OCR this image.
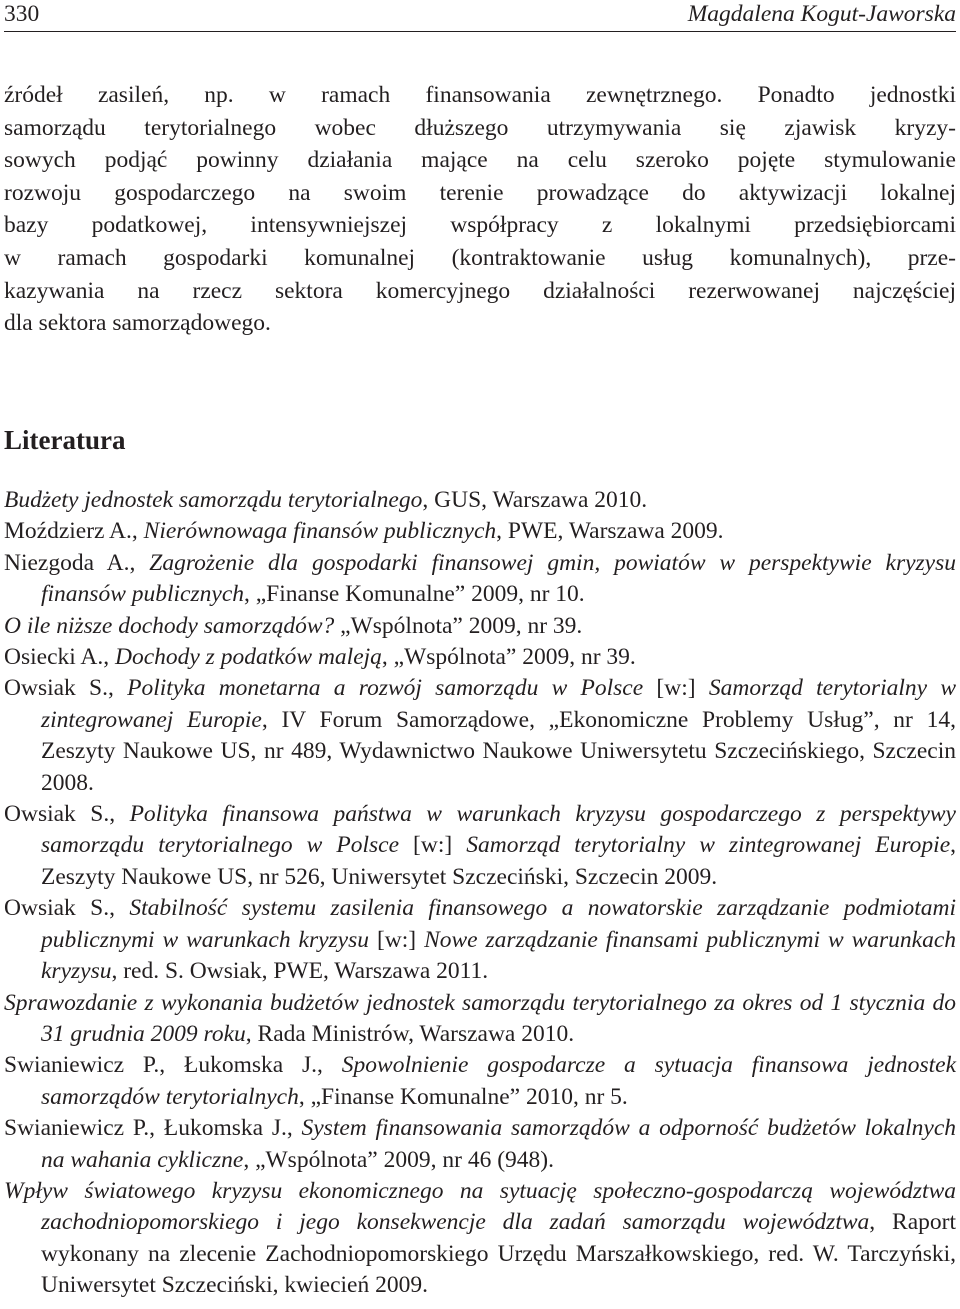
330	Magdalena Kogut-Jaworska

źródeł zasileń, np. w ramach finansowania zewnętrznego. Ponadto jednostki
samorządu terytorialnego wobec dłuższego utrzymywania się zjawisk kryzy-
sowych podjąć powinny działania mające na celu szeroko pojęte stymulowanie
rozwoju gospodarczego na swoim terenie prowadzące do aktywizacji lokalnej
bazy podatkowej, intensywniejszej współpracy z lokalnymi przedsiębiorcami
w ramach gospodarki komunalnej (kontraktowanie usług komunalnych), prze-
kazywania na rzecz sektora komercyjnego działalności rezerwowanej najczęściej
dla sektora samorządowego.

Literatura
Budżety jednostek samorządu terytorialnego, GUS, Warszawa 2010.
Moździerz A., Nierównowaga finansów publicznych, PWE, Warszawa 2009.
Niezgoda A., Zagrożenie dla gospodarki finansowej gmin, powiatów w perspektywie kryzysu finansów publicznych, „Finanse Komunalne” 2009, nr 10.
O ile niższe dochody samorządów? „Wspólnota” 2009, nr 39.
Osiecki A., Dochody z podatków maleją, „Wspólnota” 2009, nr 39.
Owsiak S., Polityka monetarna a rozwój samorządu w Polsce [w:] Samorząd terytorialny w zintegrowanej Europie, IV Forum Samorządowe, „Ekonomiczne Problemy Usług”, nr 14, Zeszyty Naukowe US, nr 489, Wydawnictwo Naukowe Uniwersytetu Szczecińskiego, Szczecin 2008.
Owsiak S., Polityka finansowa państwa w warunkach kryzysu gospodarczego z perspektywy samorządu terytorialnego w Polsce [w:] Samorząd terytorialny w zintegrowanej Europie, Zeszyty Naukowe US, nr 526, Uniwersytet Szczeciński, Szczecin 2009.
Owsiak S., Stabilność systemu zasilenia finansowego a nowatorskie zarządzanie podmiotami publicznymi w warunkach kryzysu [w:] Nowe zarządzanie finansami publicznymi w warunkach kryzysu, red. S. Owsiak, PWE, Warszawa 2011.
Sprawozdanie z wykonania budżetów jednostek samorządu terytorialnego za okres od 1 stycznia do 31 grudnia 2009 roku, Rada Ministrów, Warszawa 2010.
Swianiewicz P., Łukomska J., Spowolnienie gospodarcze a sytuacja finansowa jednostek samorządów terytorialnych, „Finanse Komunalne” 2010, nr 5.
Swianiewicz P., Łukomska J., System finansowania samorządów a odporność budżetów lokalnych na wahania cykliczne, „Wspólnota” 2009, nr 46 (948).
Wpływ światowego kryzysu ekonomicznego na sytuację społeczno-gospodarczą województwa zachodniopomorskiego i jego konsekwencje dla zadań samorządu województwa, Raport wykonany na zlecenie Zachodniopomorskiego Urzędu Marszałkowskiego, red. W. Tarczyński, Uniwersytet Szczeciński, kwiecień 2009.
